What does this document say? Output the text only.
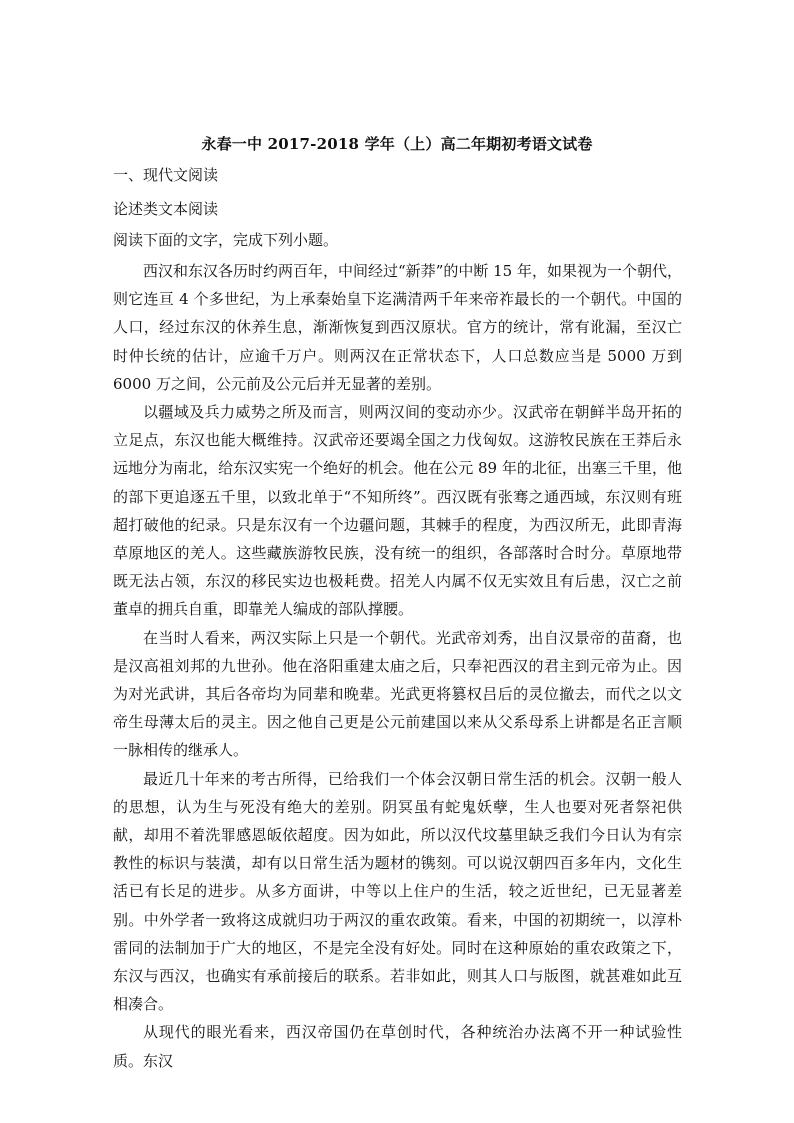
永春一中 2017-2018 学年（上）高二年期初考语文试卷
一、现代文阅读
论述类文本阅读
阅读下面的文字，完成下列小题。

西汉和东汉各历时约两百年，中间经过“新莽”的中断 15 年，如果视为一个朝代，则它连亘 4 个多世纪，为上承秦始皇下迄满清两千年来帝祚最长的一个朝代。中国的人口，经过东汉的休养生息，渐渐恢复到西汉原状。官方的统计，常有讹漏，至汉亡时仲长统的估计，应逾千万户。则两汉在正常状态下，人口总数应当是 5000 万到 6000 万之间，公元前及公元后并无显著的差别。

以疆域及兵力威势之所及而言，则两汉间的变动亦少。汉武帝在朝鲜半岛开拓的立足点，东汉也能大概维持。汉武帝还要竭全国之力伐匈奴。这游牧民族在王莽后永远地分为南北，给东汉实宪一个绝好的机会。他在公元 89 年的北征，出塞三千里，他的部下更追逐五千里，以致北单于“不知所终”。西汉既有张骞之通西域，东汉则有班超打破他的纪录。只是东汉有一个边疆问题，其棘手的程度，为西汉所无，此即青海草原地区的羌人。这些藏族游牧民族，没有统一的组织，各部落时合时分。草原地带既无法占领，东汉的移民实边也极耗费。招羌人内属不仅无实效且有后患，汉亡之前董卓的拥兵自重，即靠羌人编成的部队撑腰。

在当时人看来，两汉实际上只是一个朝代。光武帝刘秀，出自汉景帝的苗裔，也是汉高祖刘邦的九世孙。他在洛阳重建太庙之后，只奉祀西汉的君主到元帝为止。因为对光武讲，其后各帝均为同辈和晚辈。光武更将篡权吕后的灵位撤去，而代之以文帝生母薄太后的灵主。因之他自己更是公元前建国以来从父系母系上讲都是名正言顺一脉相传的继承人。

最近几十年来的考古所得，已给我们一个体会汉朝日常生活的机会。汉朝一般人的思想，认为生与死没有绝大的差别。阴冥虽有蛇鬼妖孽，生人也要对死者祭祀供献，却用不着洗罪感恩皈依超度。因为如此，所以汉代坟墓里缺乏我们今日认为有宗教性的标识与装潢，却有以日常生活为题材的镌刻。可以说汉朝四百多年内，文化生活已有长足的进步。从多方面讲，中等以上住户的生活，较之近世纪，已无显著差别。中外学者一致将这成就归功于两汉的重农政策。看来，中国的初期统一，以淳朴雷同的法制加于广大的地区，不是完全没有好处。同时在这种原始的重农政策之下，东汉与西汉，也确实有承前接后的联系。若非如此，则其人口与版图，就甚难如此互相凑合。

从现代的眼光看来，西汉帝国仍在草创时代，各种统治办法离不开一种试验性质。东汉
